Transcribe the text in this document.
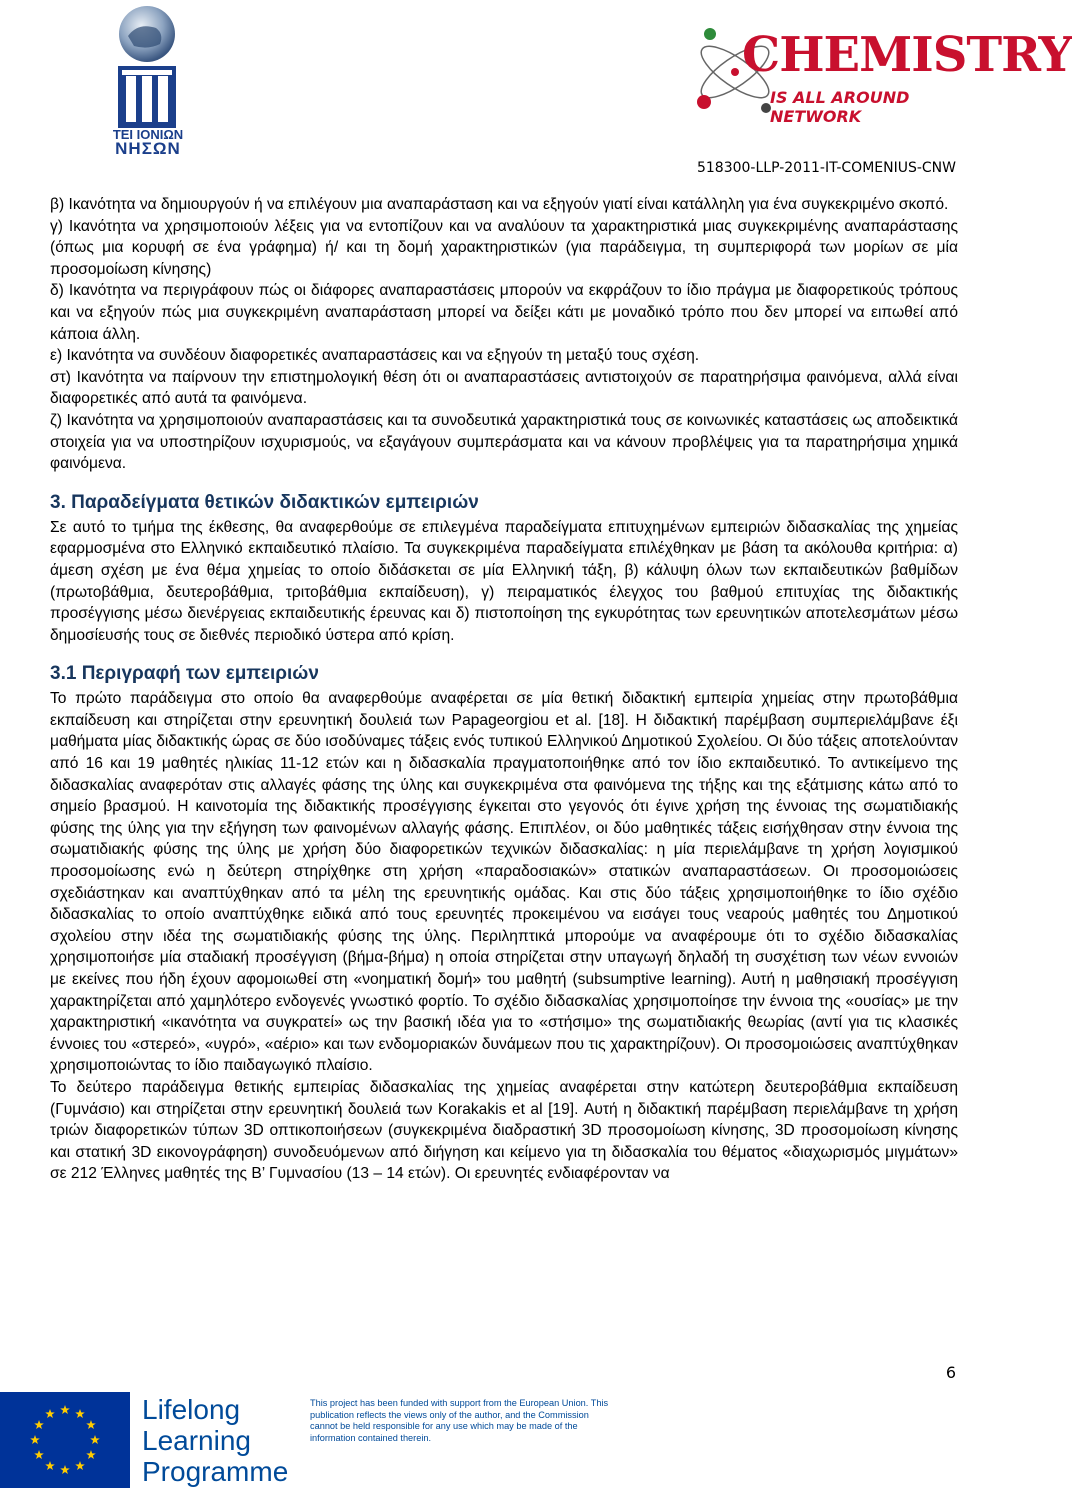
ΤΕΙ ΙΟΝΙΩΝ
ΝΗΣΩΝ
CHEMISTRY
IS ALL AROUND NETWORK
518300-LLP-2011-IT-COMENIUS-CNW

β) Ικανότητα να δημιουργούν ή να επιλέγουν μια αναπαράσταση και να εξηγούν γιατί είναι κατάλληλη για ένα συγκεκριμένο σκοπό.

γ) Ικανότητα να χρησιμοποιούν λέξεις για να εντοπίζουν και να αναλύουν τα χαρακτηριστικά μιας συγκεκριμένης αναπαράστασης (όπως μια κορυφή σε ένα γράφημα) ή/ και τη δομή χαρακτηριστικών (για παράδειγμα, τη συμπεριφορά των μορίων σε μία προσομοίωση κίνησης)

δ) Ικανότητα να περιγράφουν πώς οι διάφορες αναπαραστάσεις μπορούν να εκφράζουν το ίδιο πράγμα με διαφορετικούς τρόπους και να εξηγούν πώς μια συγκεκριμένη αναπαράσταση μπορεί να δείξει κάτι με μοναδικό τρόπο που δεν μπορεί να ειπωθεί από κάποια άλλη.

ε) Ικανότητα να συνδέουν διαφορετικές αναπαραστάσεις και να εξηγούν τη μεταξύ τους σχέση.

στ) Ικανότητα να παίρνουν την επιστημολογική θέση ότι οι αναπαραστάσεις αντιστοιχούν σε παρατηρήσιμα φαινόμενα, αλλά είναι διαφορετικές από αυτά τα φαινόμενα.

ζ) Ικανότητα να χρησιμοποιούν αναπαραστάσεις και τα συνοδευτικά χαρακτηριστικά τους σε κοινωνικές καταστάσεις ως αποδεικτικά στοιχεία για να υποστηρίζουν ισχυρισμούς, να εξαγάγουν συμπεράσματα και να κάνουν προβλέψεις για τα παρατηρήσιμα χημικά φαινόμενα.

3. Παραδείγματα θετικών διδακτικών εμπειριών

Σε αυτό το τμήμα της έκθεσης, θα αναφερθούμε σε επιλεγμένα παραδείγματα επιτυχημένων εμπειριών διδασκαλίας της χημείας εφαρμοσμένα στο Ελληνικό εκπαιδευτικό πλαίσιο. Τα συγκεκριμένα παραδείγματα επιλέχθηκαν με βάση τα ακόλουθα κριτήρια: α) άμεση σχέση με ένα θέμα χημείας το οποίο διδάσκεται σε μία Ελληνική τάξη, β) κάλυψη όλων των εκπαιδευτικών βαθμίδων (πρωτοβάθμια, δευτεροβάθμια, τριτοβάθμια εκπαίδευση), γ) πειραματικός έλεγχος του βαθμού επιτυχίας της διδακτικής προσέγγισης μέσω διενέργειας εκπαιδευτικής έρευνας και δ) πιστοποίηση της εγκυρότητας των ερευνητικών αποτελεσμάτων μέσω δημοσίευσής τους σε διεθνές περιοδικό ύστερα από κρίση.

3.1 Περιγραφή των εμπειριών

Το πρώτο παράδειγμα στο οποίο θα αναφερθούμε αναφέρεται σε μία θετική διδακτική εμπειρία χημείας στην πρωτοβάθμια εκπαίδευση και στηρίζεται στην ερευνητική δουλειά των Papageorgiou et al. [18]. Η διδακτική παρέμβαση συμπεριελάμβανε έξι μαθήματα μίας διδακτικής ώρας σε δύο ισοδύναμες τάξεις ενός τυπικού Ελληνικού Δημοτικού Σχολείου. Οι δύο τάξεις αποτελούνταν από 16 και 19 μαθητές ηλικίας 11-12 ετών και η διδασκαλία πραγματοποιήθηκε από τον ίδιο εκπαιδευτικό. Το αντικείμενο της διδασκαλίας αναφερόταν στις αλλαγές φάσης της ύλης και συγκεκριμένα στα φαινόμενα της τήξης και της εξάτμισης κάτω από το σημείο βρασμού. Η καινοτομία της διδακτικής προσέγγισης έγκειται στο γεγονός ότι έγινε χρήση της έννοιας της σωματιδιακής φύσης της ύλης για την εξήγηση των φαινομένων αλλαγής φάσης. Επιπλέον, οι δύο μαθητικές τάξεις εισήχθησαν στην έννοια της σωματιδιακής φύσης της ύλης με χρήση δύο διαφορετικών τεχνικών διδασκαλίας: η μία περιελάμβανε τη χρήση λογισμικού προσομοίωσης ενώ η δεύτερη στηρίχθηκε στη χρήση «παραδοσιακών» στατικών αναπαραστάσεων. Οι προσομοιώσεις σχεδιάστηκαν και αναπτύχθηκαν από τα μέλη της ερευνητικής ομάδας. Και στις δύο τάξεις χρησιμοποιήθηκε το ίδιο σχέδιο διδασκαλίας το οποίο αναπτύχθηκε ειδικά από τους ερευνητές προκειμένου να εισάγει τους νεαρούς μαθητές του Δημοτικού σχολείου στην ιδέα της σωματιδιακής φύσης της ύλης. Περιληπτικά μπορούμε να αναφέρουμε ότι το σχέδιο διδασκαλίας χρησιμοποιήσε μία σταδιακή προσέγγιση (βήμα-βήμα) η οποία στηρίζεται στην υπαγωγή δηλαδή τη συσχέτιση των νέων εννοιών με εκείνες που ήδη έχουν αφομοιωθεί στη «νοηματική δομή» του μαθητή (subsumptive learning). Αυτή η μαθησιακή προσέγγιση χαρακτηρίζεται από χαμηλότερο ενδογενές γνωστικό φορτίο. Το σχέδιο διδασκαλίας χρησιμοποίησε την έννοια της «ουσίας» με την χαρακτηριστική «ικανότητα να συγκρατεί» ως την βασική ιδέα για το «στήσιμο» της σωματιδιακής θεωρίας (αντί για τις κλασικές έννοιες του «στερεό», «υγρό», «αέριο» και των ενδομοριακών δυνάμεων που τις χαρακτηρίζουν). Οι προσομοιώσεις αναπτύχθηκαν χρησιμοποιώντας το ίδιο παιδαγωγικό πλαίσιο.

Το δεύτερο παράδειγμα θετικής εμπειρίας διδασκαλίας της χημείας αναφέρεται στην κατώτερη δευτεροβάθμια εκπαίδευση (Γυμνάσιο) και στηρίζεται στην ερευνητική δουλειά των Korakakis et al [19]. Αυτή η διδακτική παρέμβαση περιελάμβανε τη χρήση τριών διαφορετικών τύπων 3D οπτικοποιήσεων (συγκεκριμένα διαδραστική 3D προσομοίωση κίνησης, 3D προσομοίωση κίνησης και στατική 3D εικονογράφηση) συνοδευόμενων από διήγηση και κείμενο για τη διδασκαλία του θέματος «διαχωρισμός μιγμάτων» σε 212 Έλληνες μαθητές της Β’ Γυμνασίου (13 – 14 ετών). Οι ερευνητές ενδιαφέρονταν να

6
Lifelong
Learning
Programme
This project has been funded with support from the European Union. This publication reflects the views only of the author, and the Commission cannot be held responsible for any use which may be made of the information contained therein.
